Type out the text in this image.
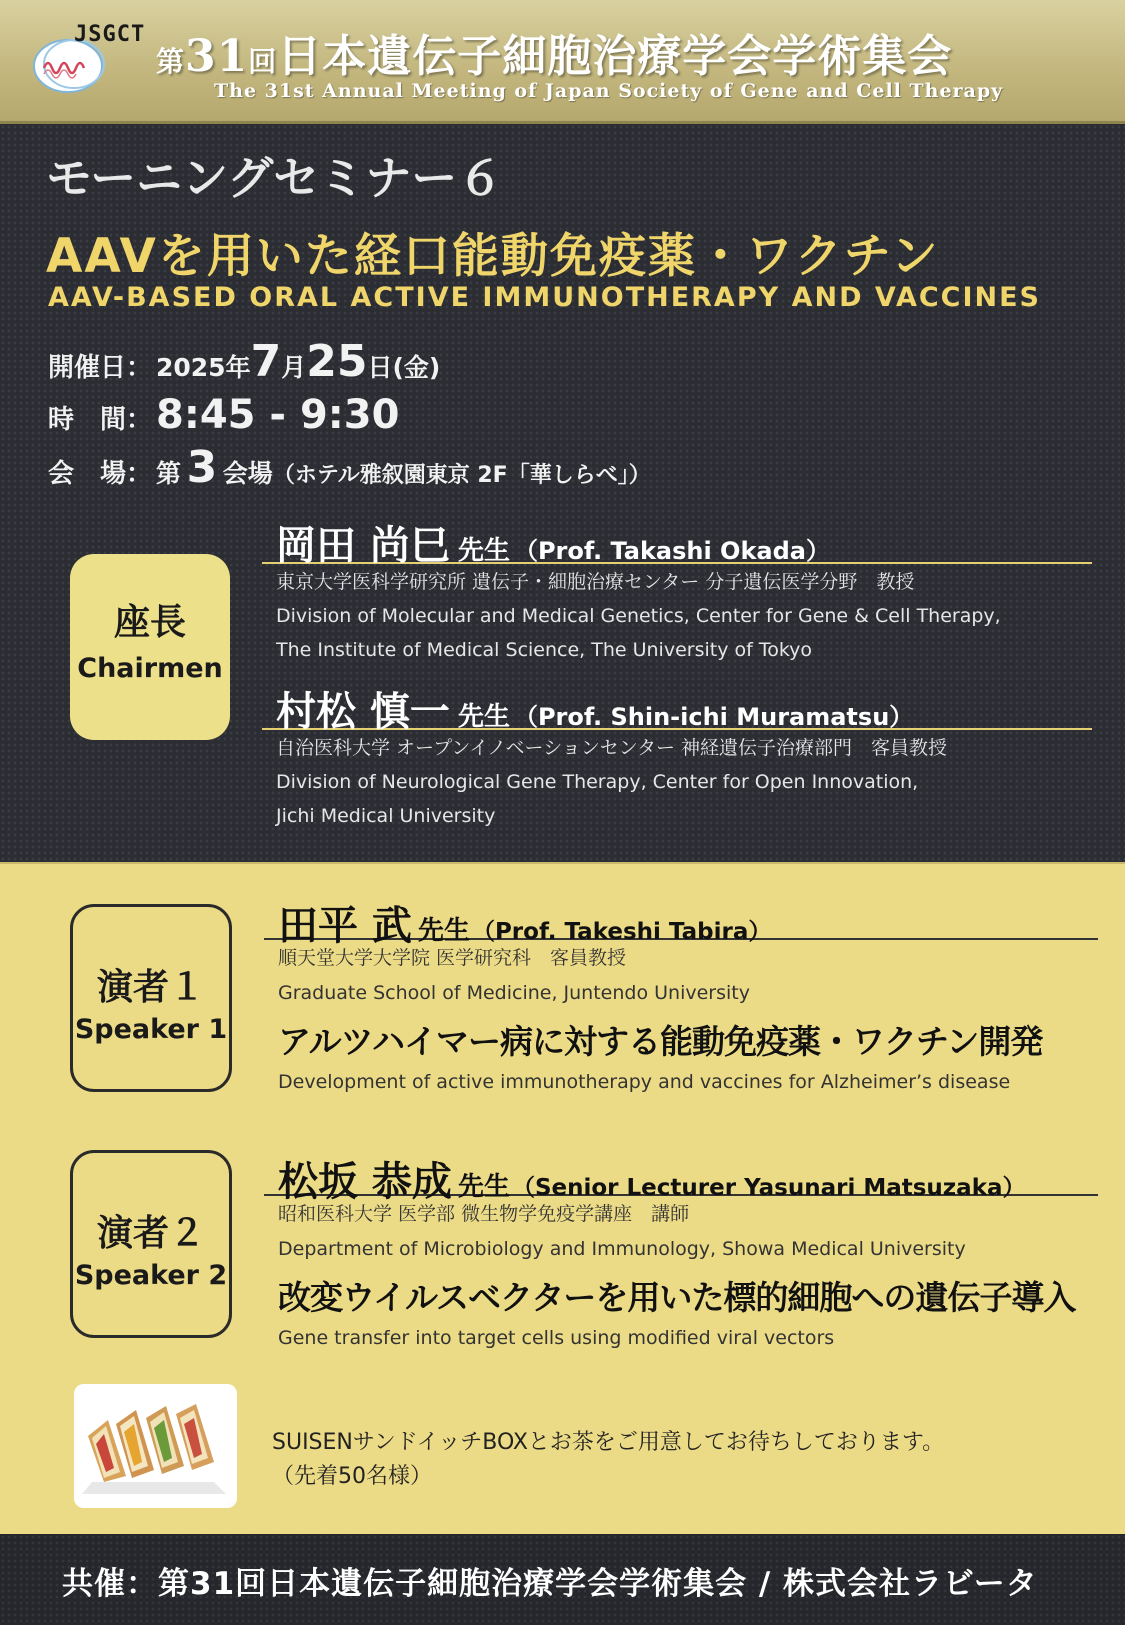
JSGCT
第31回日本遺伝子細胞治療学会学術集会
The 31st Annual Meeting of Japan Society of Gene and Cell Therapy
モーニングセミナー６
AAVを用いた経口能動免疫薬・ワクチン
AAV-BASED ORAL ACTIVE IMMUNOTHERAPY AND VACCINES
開催日： 2025年7月25日(金)
時　間：8:45 - 9:30
会　場： 第 3 会場（ホテル雅叙園東京 2F「華しらべ」）
座長
Chairmen
岡田 尚巳 先生 （Prof. Takashi Okada）
東京大学医科学研究所 遺伝子・細胞治療センター 分子遺伝医学分野　教授
Division of Molecular and Medical Genetics, Center for Gene & Cell Therapy,
The Institute of Medical Science, The University of Tokyo
村松 慎一 先生 （Prof. Shin-ichi Muramatsu）
自治医科大学 オープンイノベーションセンター 神経遺伝子治療部門　客員教授
Division of Neurological Gene Therapy, Center for Open Innovation,
Jichi Medical University
演者１
Speaker 1
田平 武 先生（Prof. Takeshi Tabira）
順天堂大学大学院 医学研究科　客員教授
Graduate School of Medicine, Juntendo University
アルツハイマー病に対する能動免疫薬・ワクチン開発
Development of active immunotherapy and vaccines for Alzheimer’s disease
演者２
Speaker 2
松坂 恭成 先生（Senior Lecturer Yasunari Matsuzaka）
昭和医科大学 医学部 微生物学免疫学講座　講師
Department of Microbiology and Immunology, Showa Medical University
改変ウイルスベクターを用いた標的細胞への遺伝子導入
Gene transfer into target cells using modified viral vectors
SUISENサンドイッチBOXとお茶をご用意してお待ちしております。
（先着50名様）
共催：第31回日本遺伝子細胞治療学会学術集会 / 株式会社ラビータ
